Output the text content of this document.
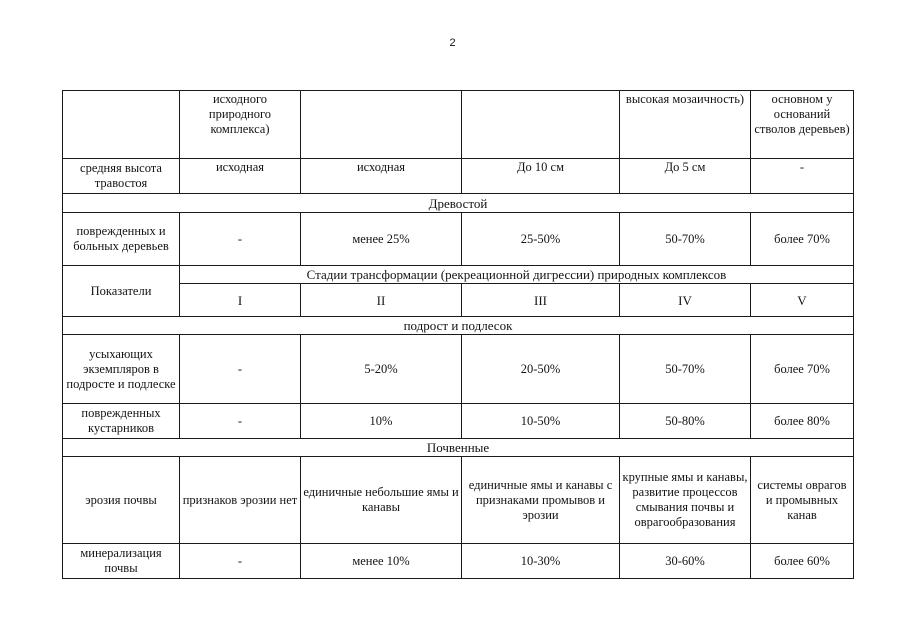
2
	исходного природного комплекса)			высокая мозаичность)	основном у оснований стволов деревьев)
средняя высота травостоя	исходная	исходная	До 10 см	До 5 см	-
Древостой					
поврежденных и больных деревьев	-	менее 25%	25-50%	50-70%	более 70%
Показатели	Стадии трансформации (рекреационной дигрессии) природных комплексов				
	I	II	III	IV	V
подрост и подлесок					
усыхающих экземпляров в подросте и подлеске	-	5-20%	20-50%	50-70%	более 70%
поврежденных кустарников	-	10%	10-50%	50-80%	более 80%
Почвенные					
эрозия почвы	признаков эрозии нет	единичные небольшие ямы и канавы	единичные ямы и канавы с признаками промывов и эрозии	крупные ямы и канавы, развитие процессов смывания почвы и оврагообразования	системы оврагов и промывных канав
минерализация почвы	-	менее 10%	10-30%	30-60%	более 60%
